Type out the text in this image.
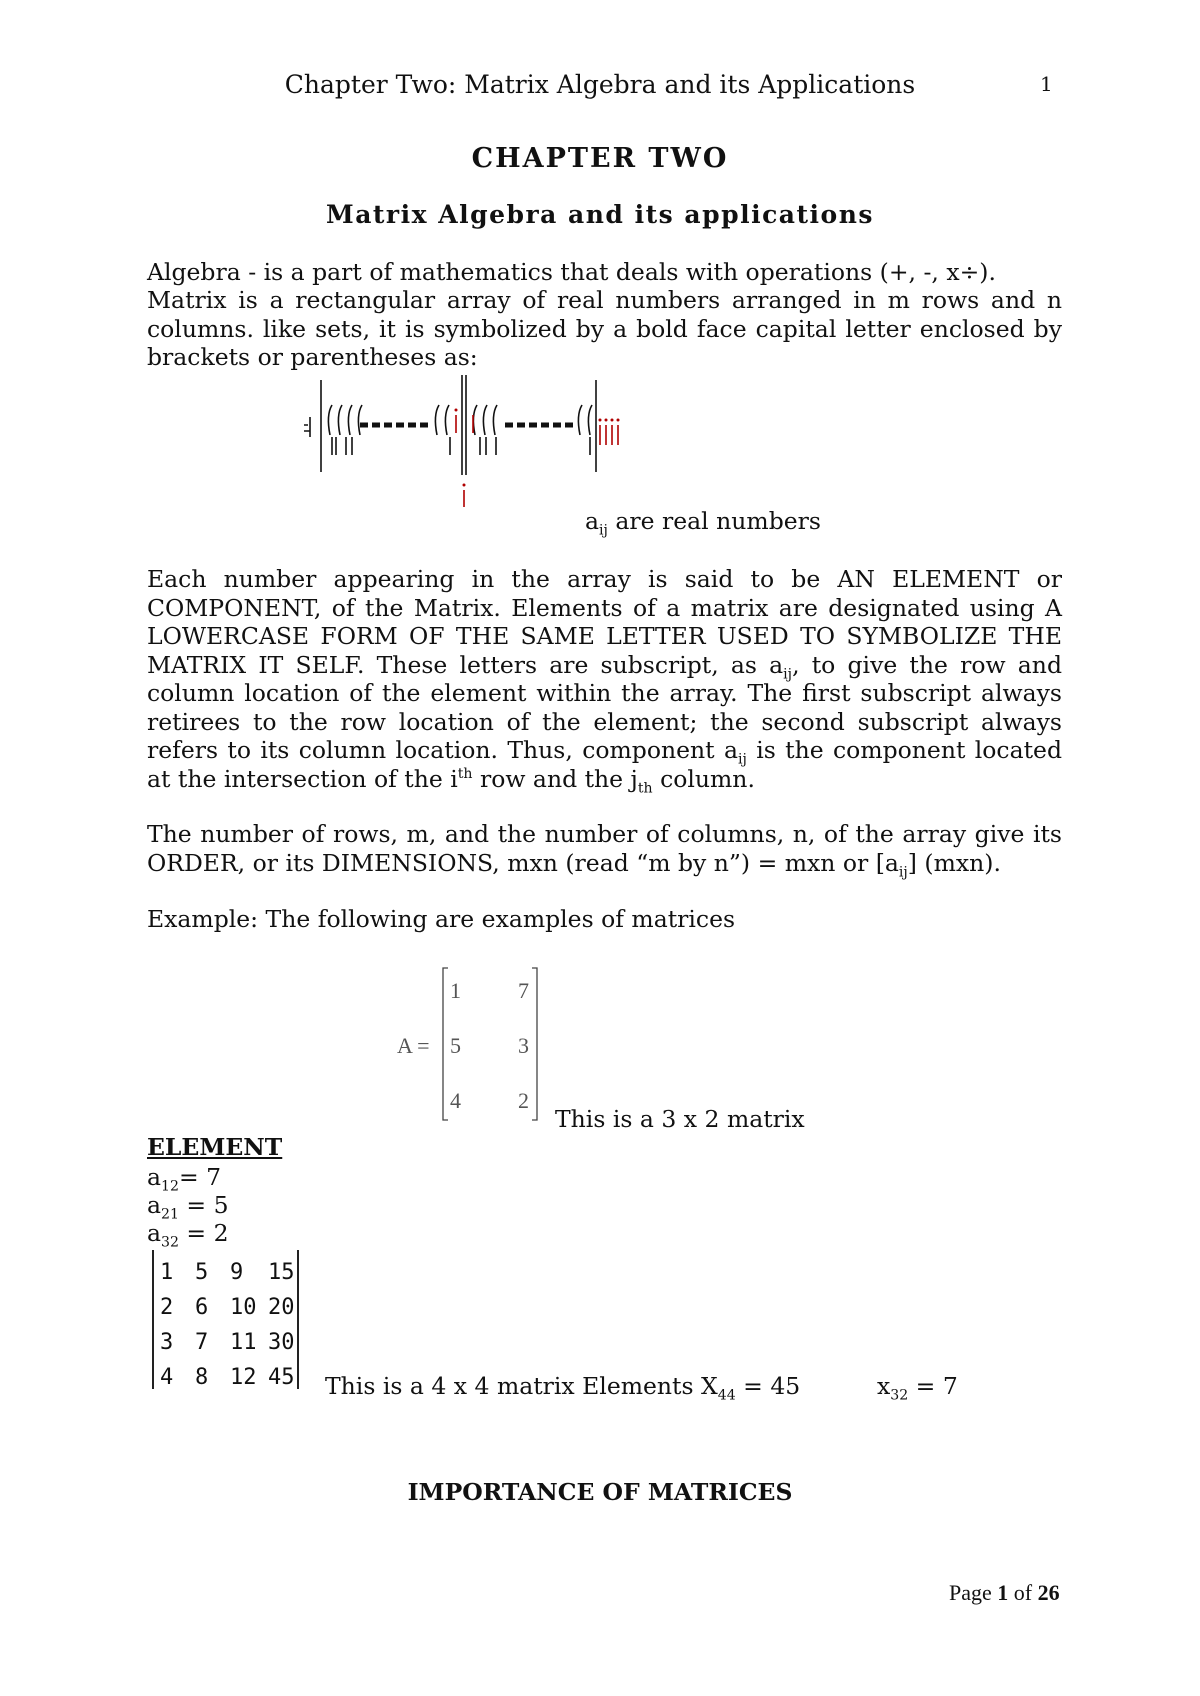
Chapter Two: Matrix Algebra and its Applications	1
CHAPTER TWO
Matrix Algebra and its applications
Algebra - is a part of mathematics that deals with operations (+, -, x÷).
Matrix is a rectangular array of real numbers arranged in m rows and n columns. like sets, it is symbolized by a bold face capital letter enclosed by brackets or parentheses as:
$a_{ij}$ are real numbers
Each number appearing in the array is said to be AN ELEMENT or COMPONENT, of the Matrix. Elements of a matrix are designated using A LOWERCASE FORM OF THE SAME LETTER USED TO SYMBOLIZE THE MATRIX IT SELF. These letters are subscript, as $a_{ij}$, to give the row and column location of the element within the array. The first subscript always retirees to the row location of the element; the second subscript always refers to its column location. Thus, component $a_{ij}$ is the component located at the intersection of the $i^{th}$ row and the $j_{th}$ column.
The number of rows, m, and the number of columns, n, of the array give its ORDER, or its DIMENSIONS, mxn (read “m by n”) = mxn or $[a_{ij}]$ (mxn).
Example: The following are examples of matrices
A =
1	7
5	3
4	2
This is a 3 x 2 matrix
ELEMENT
$a_{12}= 7$
$a_{21} = 5$
$a_{32} = 2$
1 5 9	15
2 6 10 20
3 7 11 30
4 8 12 45 This is a 4 x 4 matrix Elements $X_{44} = 45$	$x_{32} = 7$
IMPORTANCE OF MATRICES
Page 1 of 26
